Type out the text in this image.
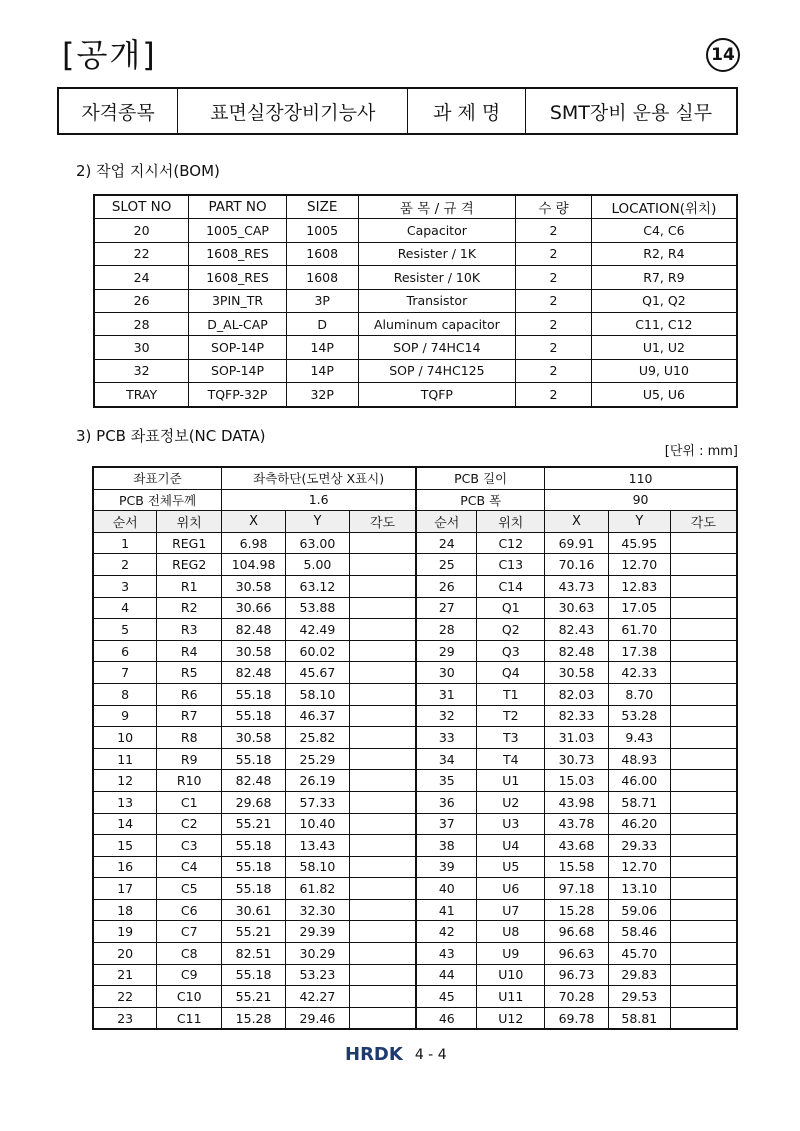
[공개]	14
자격종목	표면실장장비기능사	과 제 명	SMT장비 운용 실무
2) 작업 지시서(BOM)
SLOT NO	PART NO	SIZE	품 목 / 규 격	수 량	LOCATION(위치)
20	1005_CAP	1005	Capacitor	2	C4, C6
22	1608_RES	1608	Resister / 1K	2	R2, R4
24	1608_RES	1608	Resister / 10K	2	R7, R9
26	3PIN_TR	3P	Transistor	2	Q1, Q2
28	D_AL-CAP	D	Aluminum capacitor	2	C11, C12
30	SOP-14P	14P	SOP / 74HC14	2	U1, U2
32	SOP-14P	14P	SOP / 74HC125	2	U9, U10
TRAY	TQFP-32P	32P	TQFP	2	U5, U6
3) PCB 좌표정보(NC DATA)
[단위 : mm]
좌표기준		좌측하단(도면상 X표시)			PCB 길이		110		
PCB 전체두께		1.6			PCB 폭		90		
순서	위치	X	Y	각도	순서	위치	X	Y	각도
1	REG1	6.98	63.00		24	C12	69.91	45.95	
2	REG2	104.98	5.00		25	C13	70.16	12.70	
3	R1	30.58	63.12		26	C14	43.73	12.83	
4	R2	30.66	53.88		27	Q1	30.63	17.05	
5	R3	82.48	42.49		28	Q2	82.43	61.70	
6	R4	30.58	60.02		29	Q3	82.48	17.38	
7	R5	82.48	45.67		30	Q4	30.58	42.33	
8	R6	55.18	58.10		31	T1	82.03	8.70	
9	R7	55.18	46.37		32	T2	82.33	53.28	
10	R8	30.58	25.82		33	T3	31.03	9.43	
11	R9	55.18	25.29		34	T4	30.73	48.93	
12	R10	82.48	26.19		35	U1	15.03	46.00	
13	C1	29.68	57.33		36	U2	43.98	58.71	
14	C2	55.21	10.40		37	U3	43.78	46.20	
15	C3	55.18	13.43		38	U4	43.68	29.33	
16	C4	55.18	58.10		39	U5	15.58	12.70	
17	C5	55.18	61.82		40	U6	97.18	13.10	
18	C6	30.61	32.30		41	U7	15.28	59.06	
19	C7	55.21	29.39		42	U8	96.68	58.46	
20	C8	82.51	30.29		43	U9	96.63	45.70	
21	C9	55.18	53.23		44	U10	96.73	29.83	
22	C10	55.21	42.27		45	U11	70.28	29.53	
23	C11	15.28	29.46		46	U12	69.78	58.81	
HRDK 4 - 4
